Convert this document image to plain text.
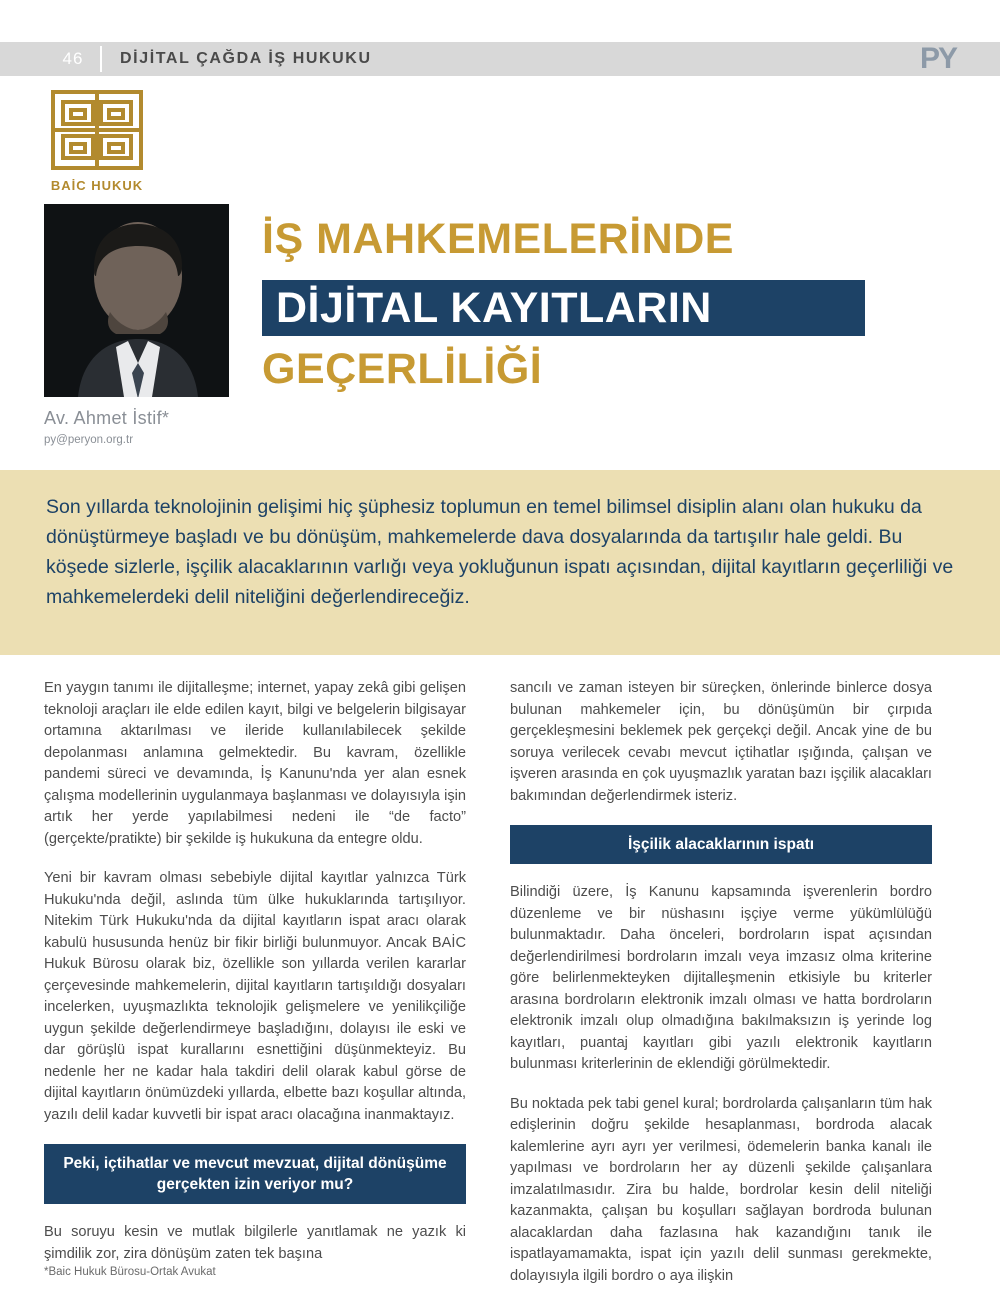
46	DİJİTAL ÇAĞDA İŞ HUKUKU	PY
BAİC HUKUK
Av. Ahmet İstif*
py@peryon.org.tr
İŞ MAHKEMELERİNDE
DİJİTAL KAYITLARIN
GEÇERLİLİĞİ
Son yıllarda teknolojinin gelişimi hiç şüphesiz toplumun en temel bilimsel disiplin alanı olan hukuku da dönüştürmeye başladı ve bu dönüşüm, mahkemelerde dava dosyalarında da tartışılır hale geldi. Bu köşede sizlerle, işçilik alacaklarının varlığı veya yokluğunun ispatı açısından, dijital kayıtların geçerliliği ve mahkemelerdeki delil niteliğini değerlendireceğiz.

En yaygın tanımı ile dijitalleşme; internet, yapay zekâ gibi gelişen teknoloji araçları ile elde edilen kayıt, bilgi ve belgelerin bilgisayar ortamına aktarılması ve ileride kullanılabilecek şekilde depolanması anlamına gelmektedir. Bu kavram, özellikle pandemi süreci ve devamında, İş Kanunu'nda yer alan esnek çalışma modellerinin uygulanmaya başlanması ve dolayısıyla işin artık her yerde yapılabilmesi nedeni ile “de facto” (gerçekte/pratikte) bir şekilde iş hukukuna da entegre oldu.

Yeni bir kavram olması sebebiyle dijital kayıtlar yalnızca Türk Hukuku'nda değil, aslında tüm ülke hukuklarında tartışılıyor. Nitekim Türk Hukuku'nda da dijital kayıtların ispat aracı olarak kabulü hususunda henüz bir fikir birliği bulunmuyor. Ancak BAİC Hukuk Bürosu olarak biz, özellikle son yıllarda verilen kararlar çerçevesinde mahkemelerin, dijital kayıtların tartışıldığı dosyaları incelerken, uyuşmazlıkta teknolojik gelişmelere ve yenilikçiliğe uygun şekilde değerlendirmeye başladığını, dolayısı ile eski ve dar görüşlü ispat kurallarını esnettiğini düşünmekteyiz. Bu nedenle her ne kadar hala takdiri delil olarak kabul görse de dijital kayıtların önümüzdeki yıllarda, elbette bazı koşullar altında, yazılı delil kadar kuvvetli bir ispat aracı olacağına inanmaktayız.

Peki, içtihatlar ve mevcut mevzuat, dijital dönüşüme gerçekten izin veriyor mu?

Bu soruyu kesin ve mutlak bilgilerle yanıtlamak ne yazık ki şimdilik zor, zira dönüşüm zaten tek başına

sancılı ve zaman isteyen bir süreçken, önlerinde binlerce dosya bulunan mahkemeler için, bu dönüşümün bir çırpıda gerçekleşmesini beklemek pek gerçekçi değil. Ancak yine de bu soruya verilecek cevabı mevcut içtihatlar ışığında, çalışan ve işveren arasında en çok uyuşmazlık yaratan bazı işçilik alacakları bakımından değerlendirmek isteriz.

İşçilik alacaklarının ispatı

Bilindiği üzere, İş Kanunu kapsamında işverenlerin bordro düzenleme ve bir nüshasını işçiye verme yükümlülüğü bulunmaktadır. Daha önceleri, bordroların ispat açısından değerlendirilmesi bordroların imzalı veya imzasız olma kriterine göre belirlenmekteyken dijitalleşmenin etkisiyle bu kriterler arasına bordroların elektronik imzalı olması ve hatta bordroların elektronik imzalı olup olmadığına bakılmaksızın iş yerinde log kayıtları, puantaj kayıtları gibi yazılı elektronik kayıtların bulunması kriterlerinin de eklendiği görülmektedir.

Bu noktada pek tabi genel kural; bordrolarda çalışanların tüm hak edişlerinin doğru şekilde hesaplanması, bordroda alacak kalemlerine ayrı ayrı yer verilmesi, ödemelerin banka kanalı ile yapılması ve bordroların her ay düzenli şekilde çalışanlara imzalatılmasıdır. Zira bu halde, bordrolar kesin delil niteliği kazanmakta, çalışan bu koşulları sağlayan bordroda bulunan alacaklardan daha fazlasına hak kazandığını tanık ile ispatlayamamakta, ispat için yazılı delil sunması gerekmekte, dolayısıyla ilgili bordro o aya ilişkin

*Baic Hukuk Bürosu-Ortak Avukat
